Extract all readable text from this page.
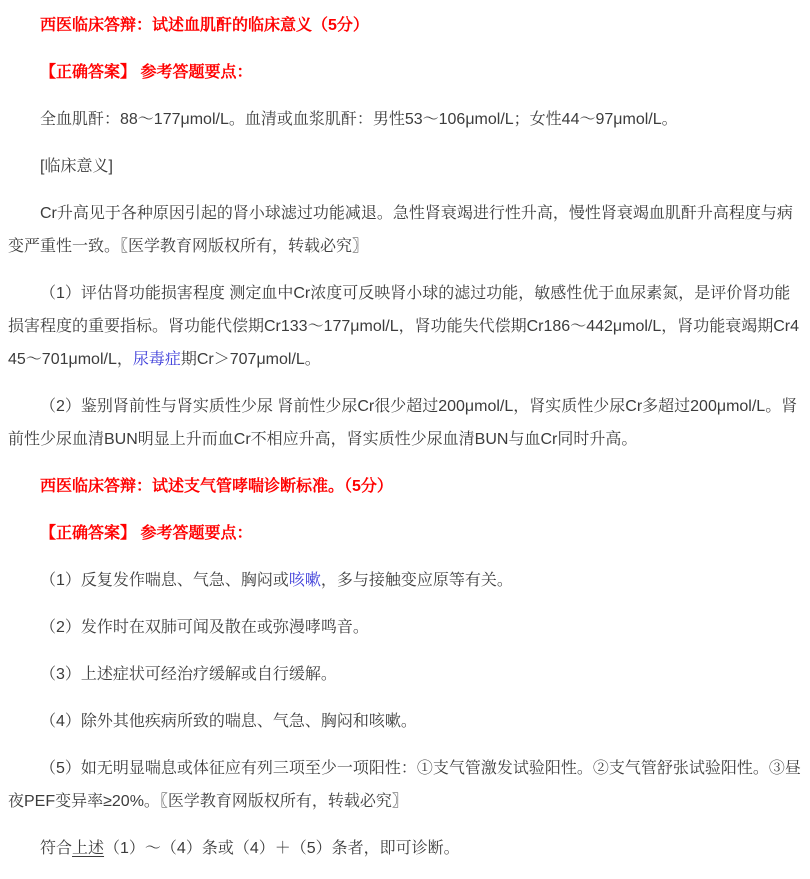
西医临床答辩：试述血肌酐的临床意义（5分）

【正确答案】 参考答题要点：

全血肌酐：88～177μmol/L。血清或血浆肌酐：男性53～106μmol/L；女性44～97μmol/L。

[临床意义]

Cr升高见于各种原因引起的肾小球滤过功能减退。急性肾衰竭进行性升高，慢性肾衰竭血肌酐升高程度与病变严重性一致。〖医学教育网版权所有，转载必究〗

（1）评估肾功能损害程度 测定血中Cr浓度可反映肾小球的滤过功能，敏感性优于血尿素氮，是评价肾功能损害程度的重要指标。肾功能代偿期Cr133～177μmol/L，肾功能失代偿期Cr186～442μmol/L，肾功能衰竭期Cr445～701μmol/L，尿毒症期Cr＞707μmol/L。

（2）鉴别肾前性与肾实质性少尿 肾前性少尿Cr很少超过200μmol/L，肾实质性少尿Cr多超过200μmol/L。肾前性少尿血清BUN明显上升而血Cr不相应升高，肾实质性少尿血清BUN与血Cr同时升高。

西医临床答辩：试述支气管哮喘诊断标准。（5分）

【正确答案】 参考答题要点：

（1）反复发作喘息、气急、胸闷或咳嗽，多与接触变应原等有关。

（2）发作时在双肺可闻及散在或弥漫哮鸣音。

（3）上述症状可经治疗缓解或自行缓解。

（4）除外其他疾病所致的喘息、气急、胸闷和咳嗽。

（5）如无明显喘息或体征应有列三项至少一项阳性：①支气管激发试验阳性。②支气管舒张试验阳性。③昼夜PEF变异率≥20%。〖医学教育网版权所有，转载必究〗

符合上述（1）～（4）条或（4）＋（5）条者，即可诊断。
